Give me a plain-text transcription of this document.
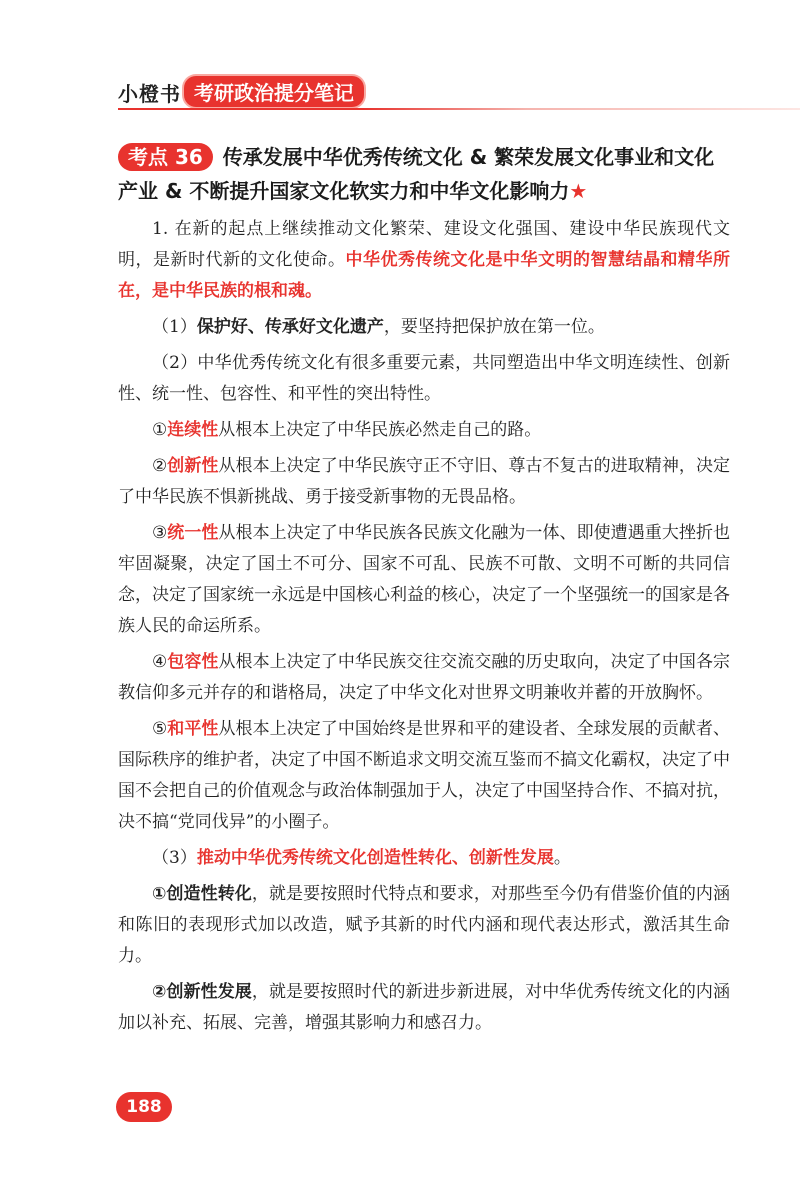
小橙书 考研政治提分笔记
考点 36 传承发展中华优秀传统文化 & 繁荣发展文化事业和文化产业 & 不断提升国家文化软实力和中华文化影响力★

1. 在新的起点上继续推动文化繁荣、建设文化强国、建设中华民族现代文明，是新时代新的文化使命。中华优秀传统文化是中华文明的智慧结晶和精华所在，是中华民族的根和魂。

（1）保护好、传承好文化遗产，要坚持把保护放在第一位。

（2）中华优秀传统文化有很多重要元素，共同塑造出中华文明连续性、创新性、统一性、包容性、和平性的突出特性。

①连续性从根本上决定了中华民族必然走自己的路。

②创新性从根本上决定了中华民族守正不守旧、尊古不复古的进取精神，决定了中华民族不惧新挑战、勇于接受新事物的无畏品格。

③统一性从根本上决定了中华民族各民族文化融为一体、即使遭遇重大挫折也牢固凝聚，决定了国土不可分、国家不可乱、民族不可散、文明不可断的共同信念，决定了国家统一永远是中国核心利益的核心，决定了一个坚强统一的国家是各族人民的命运所系。

④包容性从根本上决定了中华民族交往交流交融的历史取向，决定了中国各宗教信仰多元并存的和谐格局，决定了中华文化对世界文明兼收并蓄的开放胸怀。

⑤和平性从根本上决定了中国始终是世界和平的建设者、全球发展的贡献者、国际秩序的维护者，决定了中国不断追求文明交流互鉴而不搞文化霸权，决定了中国不会把自己的价值观念与政治体制强加于人，决定了中国坚持合作、不搞对抗，决不搞“党同伐异”的小圈子。

（3）推动中华优秀传统文化创造性转化、创新性发展。

①创造性转化，就是要按照时代特点和要求，对那些至今仍有借鉴价值的内涵和陈旧的表现形式加以改造，赋予其新的时代内涵和现代表达形式，激活其生命力。

②创新性发展，就是要按照时代的新进步新进展，对中华优秀传统文化的内涵加以补充、拓展、完善，增强其影响力和感召力。

188
